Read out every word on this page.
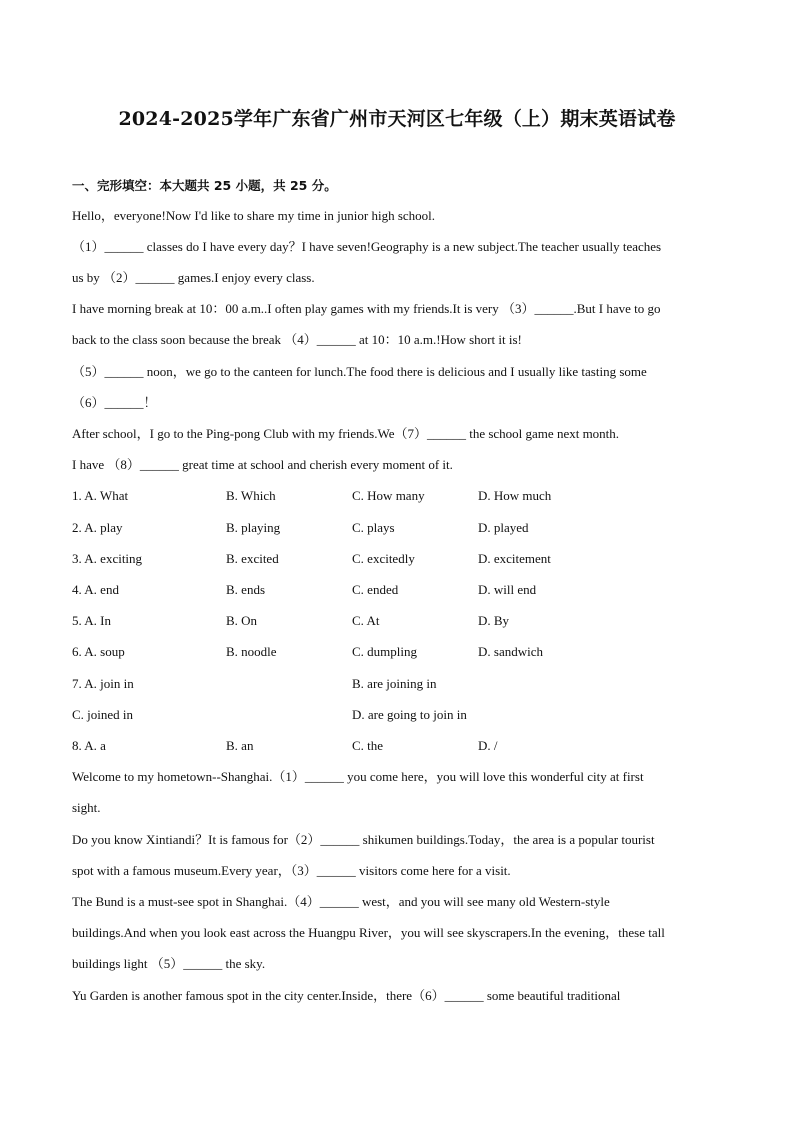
2024-2025学年广东省广州市天河区七年级（上）期末英语试卷
一、完形填空：本大题共 25 小题，共 25 分。
Hello，everyone!Now I'd like to share my time in junior high school.
（1）______ classes do I have every day？I have seven!Geography is a new subject.The teacher usually teaches
us by （2）______ games.I enjoy every class.
I have morning break at 10：00 a.m..I often play games with my friends.It is very （3）______.But I have to go
back to the class soon because the break （4）______ at 10：10 a.m.!How short it is!
（5）______ noon，we go to the canteen for lunch.The food there is delicious and I usually like tasting some
（6）______！
After school，I go to the Ping-pong Club with my friends.We（7）______ the school game next month.
I have （8）______ great time at school and cherish every moment of it.
1. A. What	B. Which	C. How many	D. How much
2. A. play	B. playing	C. plays	D. played
3. A. exciting	B. excited	C. excitedly	D. excitement
4. A. end	B. ends	C. ended	D. will end
5. A. In	B. On	C. At	D. By
6. A. soup	B. noodle	C. dumpling	D. sandwich
7. A. join in	B. are joining in
C. joined in	D. are going to join in
8. A. a	B. an	C. the	D. /
Welcome to my hometown--Shanghai.（1）______ you come here，you will love this wonderful city at first
sight.
Do you know Xintiandi？It is famous for（2）______ shikumen buildings.Today，the area is a popular tourist
spot with a famous museum.Every year，（3）______ visitors come here for a visit.
The Bund is a must-see spot in Shanghai.（4）______ west，and you will see many old Western-style
buildings.And when you look east across the Huangpu River，you will see skyscrapers.In the evening，these tall
buildings light （5）______ the sky.
Yu Garden is another famous spot in the city center.Inside，there（6）______ some beautiful traditional
